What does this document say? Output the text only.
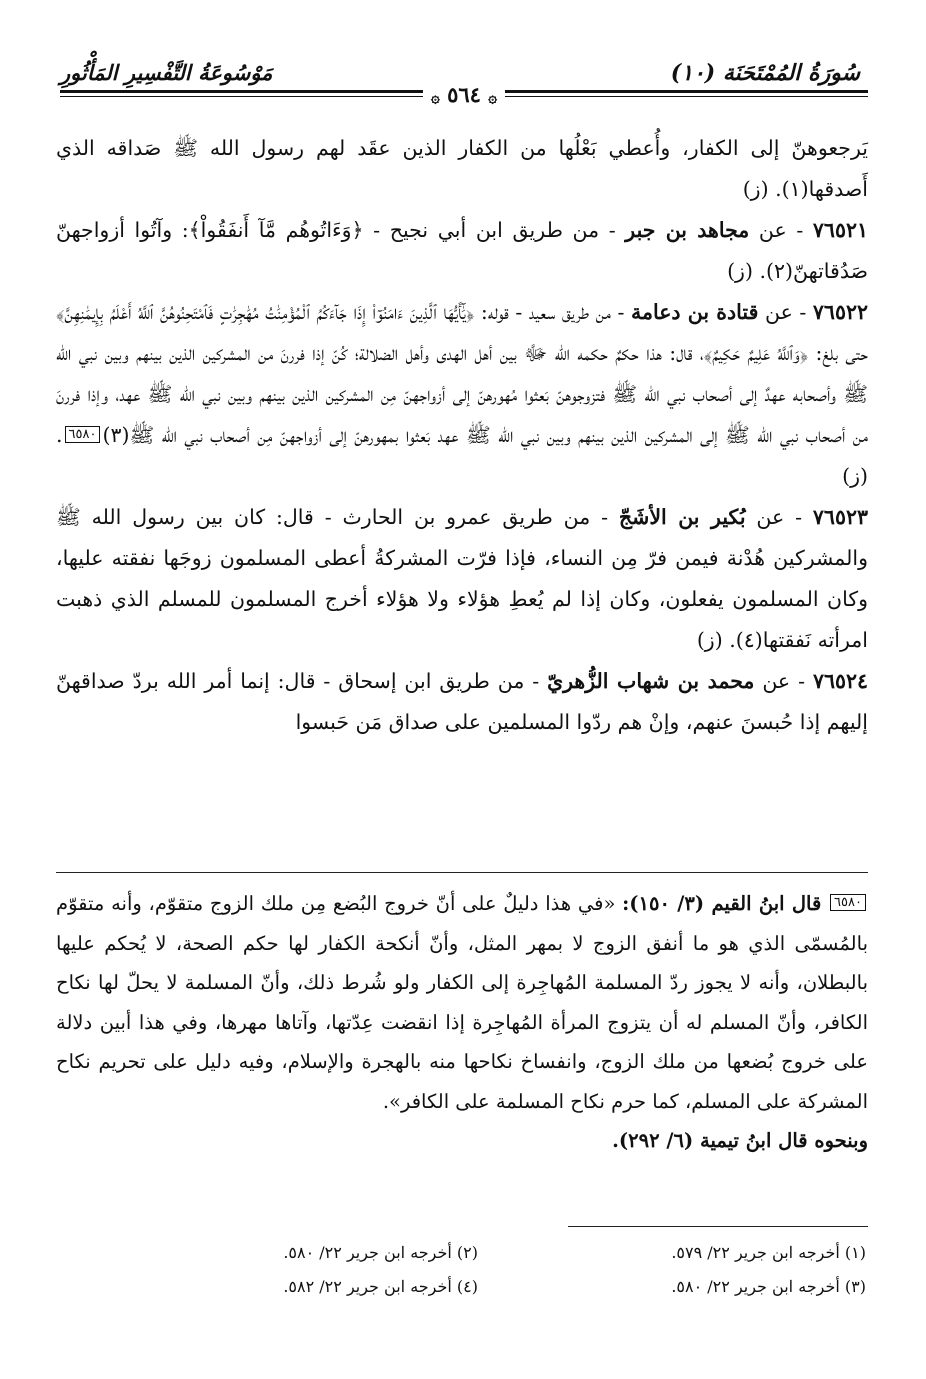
سُورَةُ المُمْتَحَنَة (١٠)
مَوْسُوعَةُ التَّفْسِيرِ المَأْثُورِ
۞ ٥٦٤ ۞

يَرجعوهنّ إلى الكفار، وأُعطي بَعْلُها من الكفار الذين عقَد لهم رسول الله ﷺ صَداقه الذي أَصدقها(١). (ز)

٧٦٥٢١ - عن مجاهد بن جبر - من طريق ابن أبي نجيح - ﴿وَءَاتُوهُم مَّآ أَنفَقُواْ﴾: وآتُوا أزواجهنّ صَدُقاتهنّ(٢). (ز)

٧٦٥٢٢ - عن قتادة بن دعامة - من طريق سعيد - قوله: ﴿يَٰٓأَيُّهَا ٱلَّذِينَ ءَامَنُوٓاْ إِذَا جَآءَكُمُ ٱلْمُؤْمِنَٰتُ مُهَٰجِرَٰتٍ فَٱمْتَحِنُوهُنَّ ٱللَّهُ أَعْلَمُ بِإِيمَٰنِهِنَّ﴾ حتى بلغ: ﴿وَٱللَّهُ عَلِيمٌ حَكِيمٌ﴾، قال: هذا حكمٌ حكمه الله ﷻ بين أهل الهدى وأهل الضلالة؛ كُنّ إذا فررنَ من المشركين الذين بينهم وبين نبي الله ﷺ وأصحابه عهدٌ إلى أصحاب نبي الله ﷺ فتزوجوهنّ بَعثوا مُهورهنّ إلى أزواجهنّ مِن المشركين الذين بينهم وبين نبي الله ﷺ عهد، وإذا فررنَ من أصحاب نبي الله ﷺ إلى المشركين الذين بينهم وبين نبي الله ﷺ عهد بَعثوا بمهورهنّ إلى أزواجهنّ مِن أصحاب نبي الله ﷺ(٣)٦٥٨٠. (ز)

٧٦٥٢٣ - عن بُكير بن الأشَجّ - من طريق عمرو بن الحارث - قال: كان بين رسول الله ﷺ والمشركين هُدْنة فيمن فرّ مِن النساء، فإذا فرّت المشركةُ أعطى المسلمون زوجَها نفقته عليها، وكان المسلمون يفعلون، وكان إذا لم يُعطِ هؤلاء ولا هؤلاء أخرج المسلمون للمسلم الذي ذهبت امرأته نَفقتها(٤). (ز)

٧٦٥٢٤ - عن محمد بن شهاب الزُّهريّ - من طريق ابن إسحاق - قال: إنما أمر الله بردّ صداقهنّ إليهم إذا حُبسنَ عنهم، وإنْ هم ردّوا المسلمين على صداق مَن حَبسوا

٦٥٨٠ قال ابنُ القيم (٣/ ١٥٠): «في هذا دليلٌ على أنّ خروج البُضع مِن ملك الزوج متقوّم، وأنه متقوّم بالمُسمّى الذي هو ما أنفق الزوج لا بمهر المثل، وأنّ أنكحة الكفار لها حكم الصحة، لا يُحكم عليها بالبطلان، وأنه لا يجوز ردّ المسلمة المُهاجِرة إلى الكفار ولو شُرط ذلك، وأنّ المسلمة لا يحلّ لها نكاح الكافر، وأنّ المسلم له أن يتزوج المرأة المُهاجِرة إذا انقضت عِدّتها، وآتاها مهرها، وفي هذا أبين دلالة على خروج بُضعها من ملك الزوج، وانفساخ نكاحها منه بالهجرة والإسلام، وفيه دليل على تحريم نكاح المشركة على المسلم، كما حرم نكاح المسلمة على الكافر».

وبنحوه قال ابنُ تيمية (٦/ ٢٩٢).

(١) أخرجه ابن جرير ٢٢/ ٥٧٩.
(٢) أخرجه ابن جرير ٢٢/ ٥٨٠.
(٣) أخرجه ابن جرير ٢٢/ ٥٨٠.
(٤) أخرجه ابن جرير ٢٢/ ٥٨٢.
